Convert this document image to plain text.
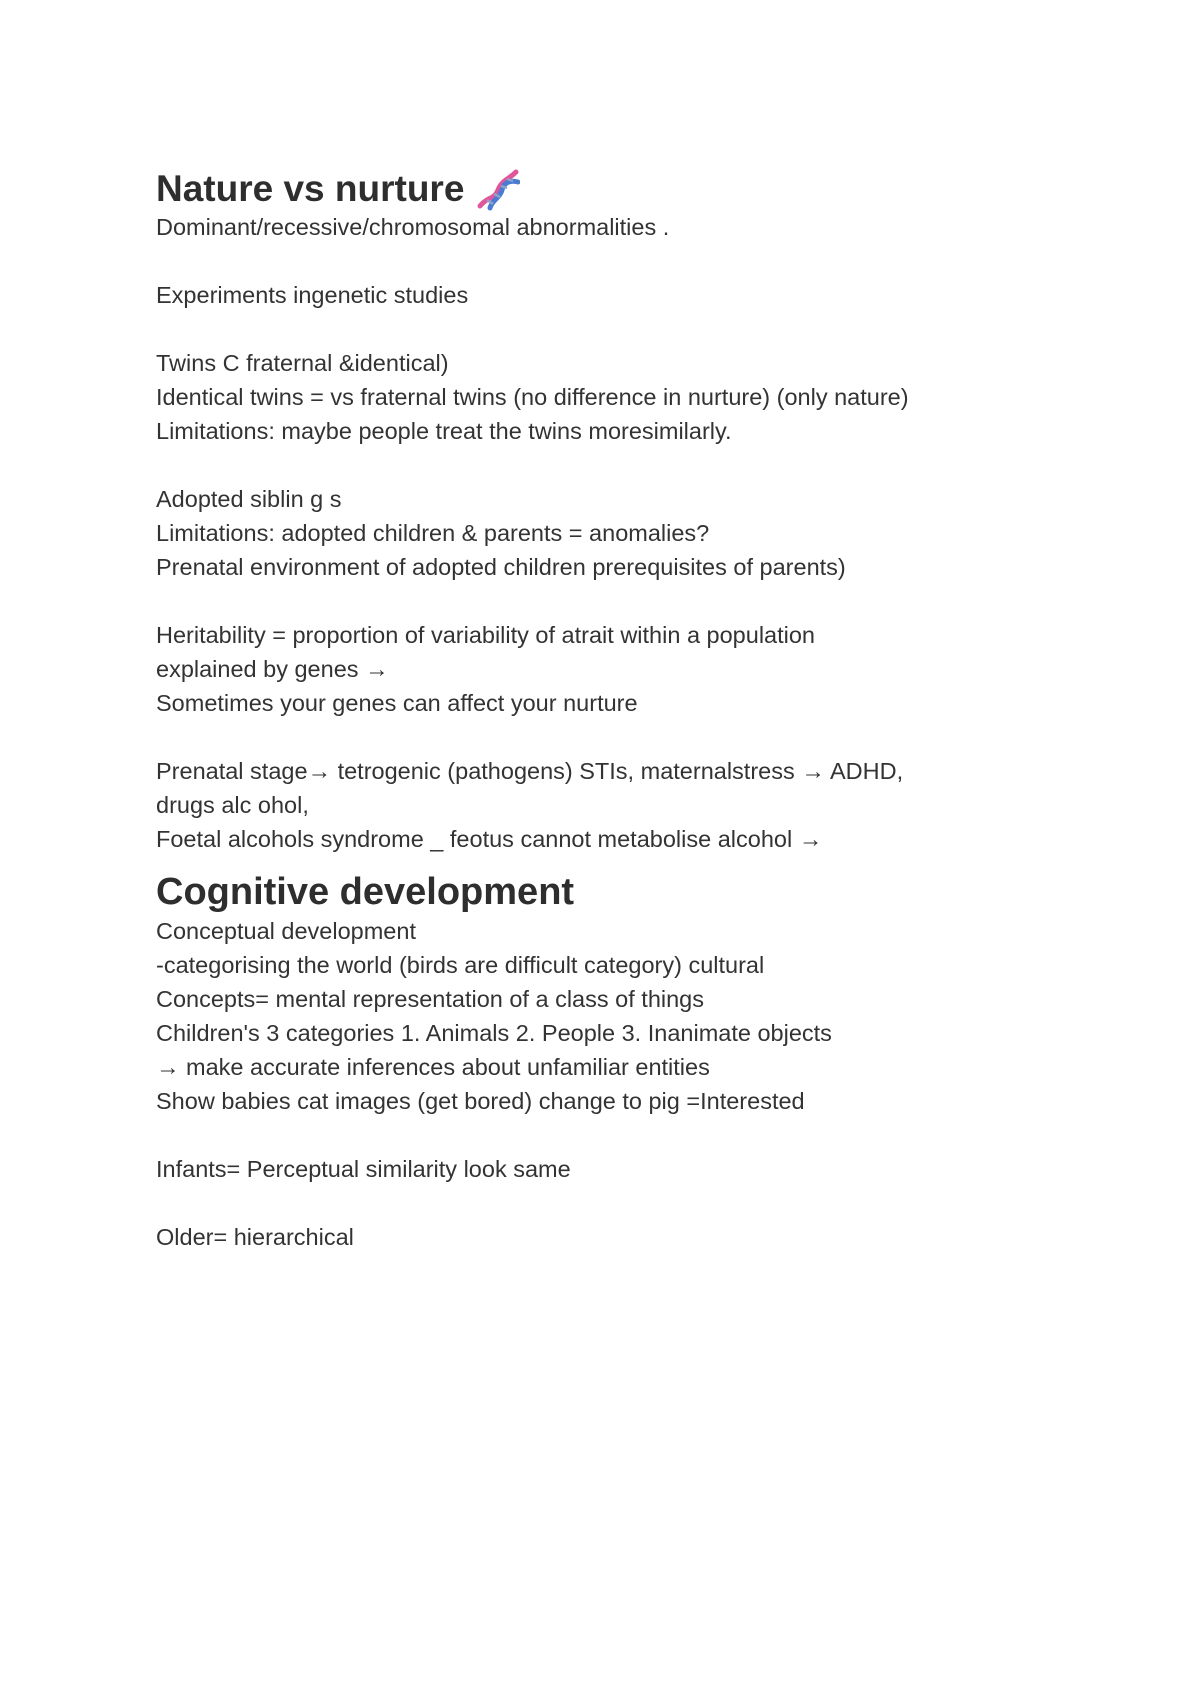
Nature vs nurture
Dominant/recessive/chromosomal abnormalities .
Experiments ingenetic studies
Twins C fraternal &identical)
Identical twins = vs fraternal twins (no difference in nurture) (only nature)
Limitations: maybe people treat the twins moresimilarly.
Adopted siblin g s
Limitations: adopted children & parents = anomalies?
Prenatal environment of adopted children prerequisites of parents)
Heritability = proportion of variability of atrait within a population
explained by genes →
Sometimes your genes can affect your nurture
Prenatal stage→ tetrogenic (pathogens) STIs, maternalstress → ADHD,
drugs alc ohol,
Foetal alcohols syndrome _ feotus cannot metabolise alcohol →
Cognitive development
Conceptual development
-categorising the world (birds are difficult category) cultural
Concepts= mental representation of a class of things
Children's 3 categories 1. Animals 2. People 3. Inanimate objects
→ make accurate inferences about unfamiliar entities
Show babies cat images (get bored) change to pig =Interested
Infants= Perceptual similarity look same
Older= hierarchical
